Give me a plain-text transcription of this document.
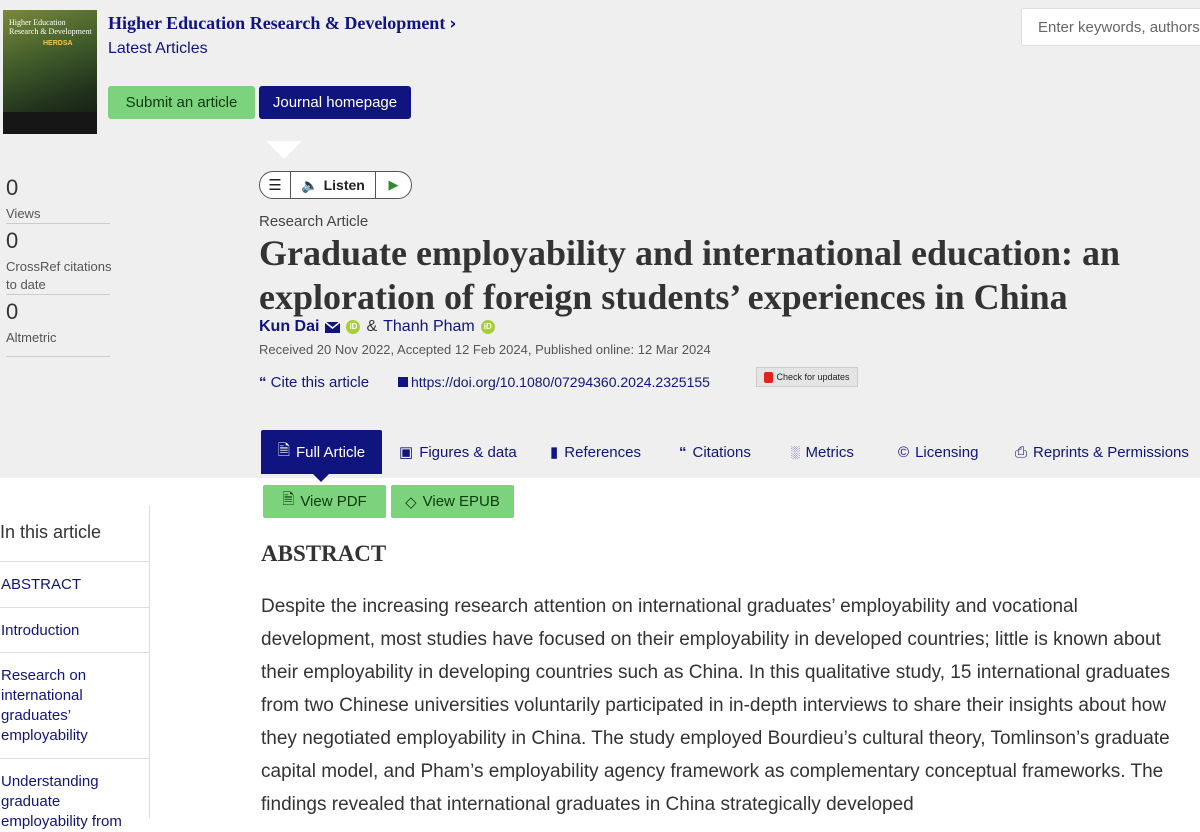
Higher Education Research & Development
HERDSA
Higher Education Research & Development ›
Latest Articles
Submit an article	Journal homepage
Enter keywords, authors
0
Views
0
CrossRef citations to date
0
Altmetric
☰	🔈 Listen	▶
Research Article
Graduate employability and international education: an exploration of foreign students’ experiences in China
Kun Dai	iD & Thanh Pham	iD
Received 20 Nov 2022, Accepted 12 Feb 2024, Published online: 12 Mar 2024
“ Cite this article	https://doi.org/10.1080/07294360.2024.2325155	Check for updates
🗎 Full Article ▣ Figures & data ▮ References	“ Citations	░ Metrics	© Licensing ⎙ Reprints & Permissions
🗎 View PDF	◇ View EPUB
In this article
ABSTRACT
Introduction
Research on international graduates’ employability
Understanding graduate employability from
ABSTRACT

Despite the increasing research attention on international graduates’ employability and vocational development, most studies have focused on their employability in developed countries; little is known about their employability in developing countries such as China. In this qualitative study, 15 international graduates from two Chinese universities voluntarily participated in in-depth interviews to share their insights about how they negotiated employability in China. The study employed Bourdieu’s cultural theory, Tomlinson’s graduate capital model, and Pham’s employability agency framework as complementary conceptual frameworks. The findings revealed that international graduates in China strategically developed
